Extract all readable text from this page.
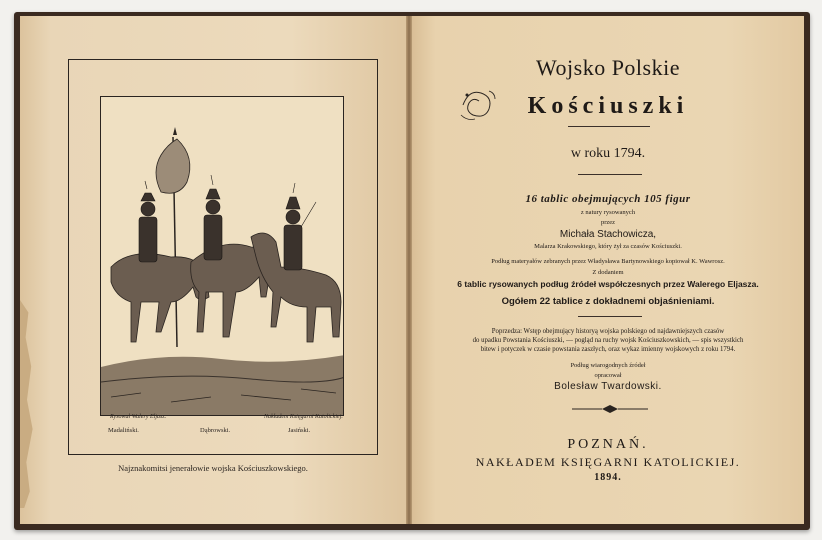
Rysował Walery Eljasz.	Nakładem Księgarni Katolickiej.
Madaliński.	Dąbrowski.	Jasiński.
Najznakomitsi jenerałowie wojska Kościuszkowskiego.
Wojsko Polskie
Kościuszki
w roku 1794.
16 tablic obejmujących 105 figur
z natury rysowanych
przez
Michała Stachowicza,
Malarza Krakowskiego, który żył za czasów Kościuszki.
Podług materyałów zebranych przez Władysława Bartynowskiego kopiował K. Wawrosz.
Z dodaniem
6 tablic rysowanych podług źródeł współczesnych przez Walerego Eljasza.
Ogółem 22 tablice z dokładnemi objaśnieniami.
Poprzedza: Wstęp obejmujący historyą wojska polskiego od najdawniejszych czasów
do upadku Powstania Kościuszki, — pogląd na ruchy wojsk Kościuszkowskich, — spis wszystkich
bitew i potyczek w czasie powstania zaszłych, oraz wykaz imienny wojskowych z roku 1794.
Podług wiarogodnych źródeł
opracował
Bolesław Twardowski.
POZNAŃ.
NAKŁADEM KSIĘGARNI KATOLICKIEJ.
1894.
